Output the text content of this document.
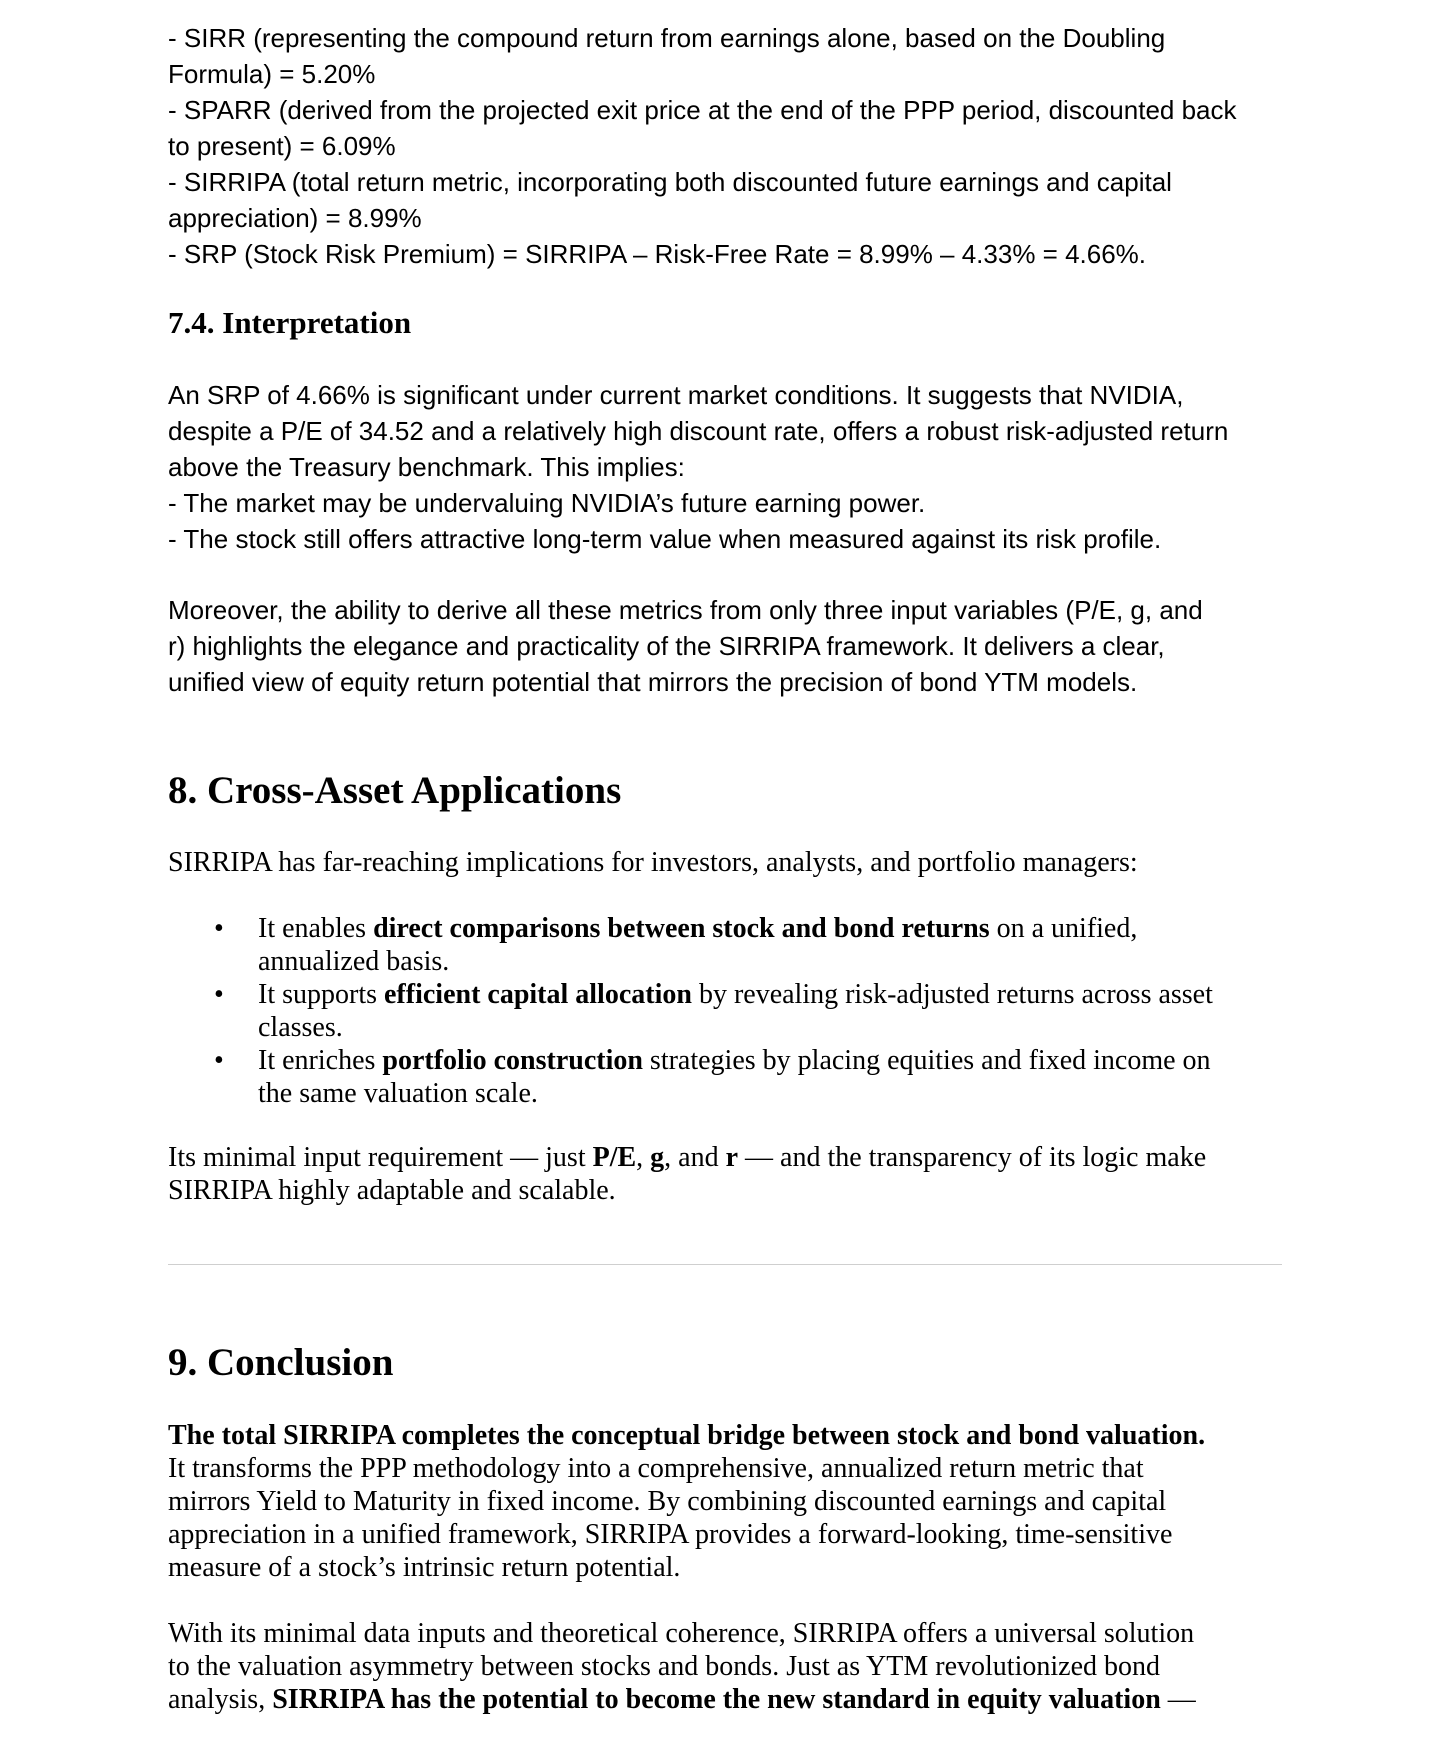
- SIRR (representing the compound return from earnings alone, based on the Doubling
Formula) = 5.20%
- SPARR (derived from the projected exit price at the end of the PPP period, discounted back
to present) = 6.09%
- SIRRIPA (total return metric, incorporating both discounted future earnings and capital
appreciation) = 8.99%
- SRP (Stock Risk Premium) = SIRRIPA – Risk-Free Rate = 8.99% – 4.33% = 4.66%.
7.4. Interpretation
An SRP of 4.66% is significant under current market conditions. It suggests that NVIDIA,
despite a P/E of 34.52 and a relatively high discount rate, offers a robust risk-adjusted return
above the Treasury benchmark. This implies:
- The market may be undervaluing NVIDIA’s future earning power.
- The stock still offers attractive long-term value when measured against its risk profile.
Moreover, the ability to derive all these metrics from only three input variables (P/E, g, and
r) highlights the elegance and practicality of the SIRRIPA framework. It delivers a clear,
unified view of equity return potential that mirrors the precision of bond YTM models.
8. Cross-Asset Applications
SIRRIPA has far-reaching implications for investors, analysts, and portfolio managers:
• It enables direct comparisons between stock and bond returns on a unified,
annualized basis.
• It supports efficient capital allocation by revealing risk-adjusted returns across asset
classes.
• It enriches portfolio construction strategies by placing equities and fixed income on
the same valuation scale.
Its minimal input requirement — just P/E, g, and r — and the transparency of its logic make
SIRRIPA highly adaptable and scalable.
9. Conclusion
The total SIRRIPA completes the conceptual bridge between stock and bond valuation.
It transforms the PPP methodology into a comprehensive, annualized return metric that
mirrors Yield to Maturity in fixed income. By combining discounted earnings and capital
appreciation in a unified framework, SIRRIPA provides a forward-looking, time-sensitive
measure of a stock’s intrinsic return potential.
With its minimal data inputs and theoretical coherence, SIRRIPA offers a universal solution
to the valuation asymmetry between stocks and bonds. Just as YTM revolutionized bond
analysis, SIRRIPA has the potential to become the new standard in equity valuation —
